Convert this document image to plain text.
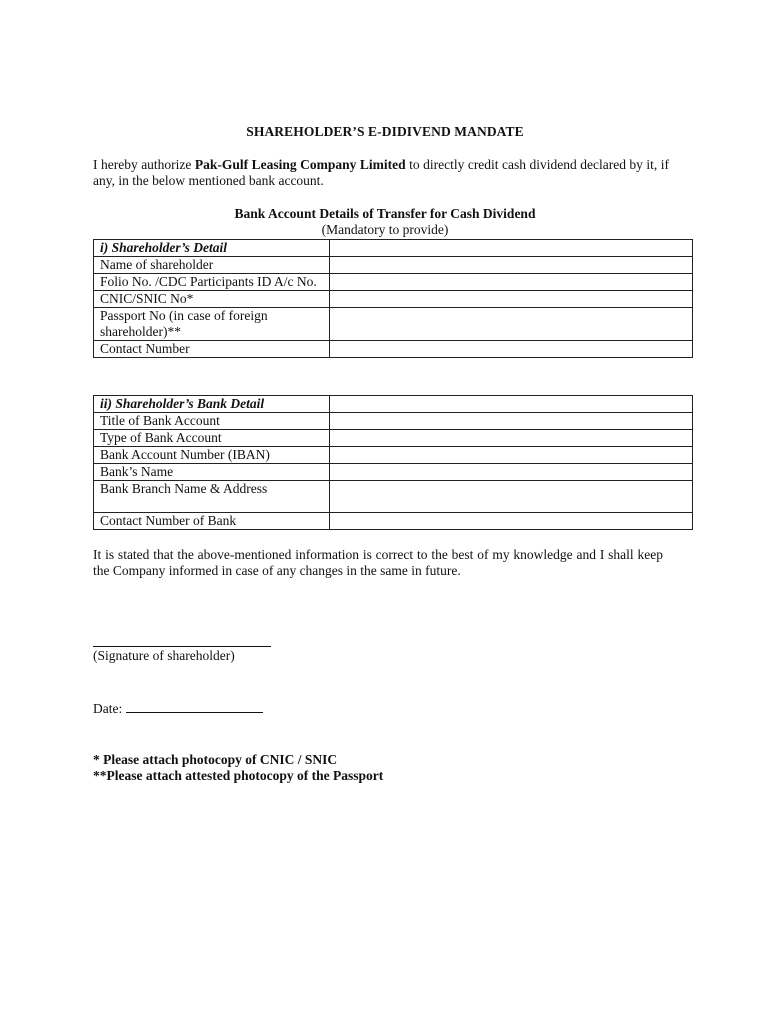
SHAREHOLDER’S E-DIDIVEND MANDATE
I hereby authorize Pak-Gulf Leasing Company Limited to directly credit cash dividend declared by it, if any, in the below mentioned bank account.
Bank Account Details of Transfer for Cash Dividend
(Mandatory to provide)
i) Shareholder’s Detail	
Name of shareholder	
Folio No. /CDC Participants ID A/c No.	
CNIC/SNIC No*	
Passport No (in case of foreign shareholder)**	
Contact Number	
ii) Shareholder’s Bank Detail	
Title of Bank Account	
Type of Bank Account	
Bank Account Number (IBAN)	
Bank’s Name	
Bank Branch Name & Address	
Contact Number of Bank	
It is stated that the above-mentioned information is correct to the best of my knowledge and I shall keep the Company informed in case of any changes in the same in future.
(Signature of shareholder)
Date:
* Please attach photocopy of CNIC / SNIC
**Please attach attested photocopy of the Passport
